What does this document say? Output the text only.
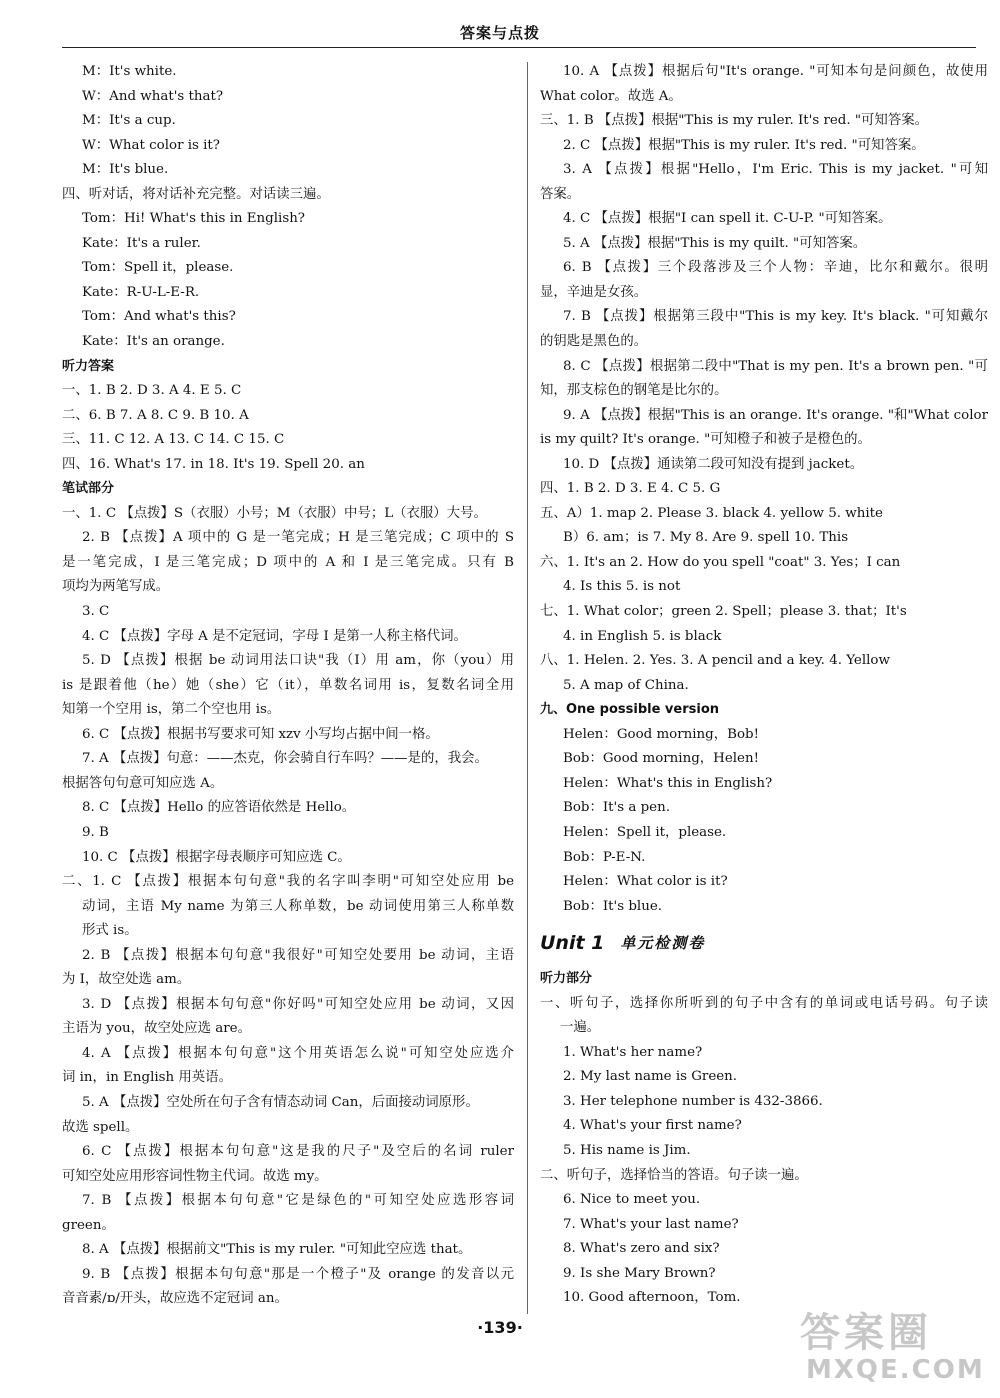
答案与点拨
M：It's white.
W：And what's that?
M：It's a cup.
W：What color is it?
M：It's blue.
四、听对话，将对话补充完整。对话读三遍。
Tom：Hi! What's this in English?
Kate：It's a ruler.
Tom：Spell it，please.
Kate：R-U-L-E-R.
Tom：And what's this?
Kate：It's an orange.
听力答案
一、1. B 2. D 3. A 4. E 5. C
二、6. B 7. A 8. C 9. B 10. A
三、11. C 12. A 13. C 14. C 15. C
四、16. What's 17. in 18. It's 19. Spell 20. an
笔试部分
一、1. C 【点拨】S（衣服）小号；M（衣服）中号；L（衣服）大号。
2. B 【点拨】A 项中的 G 是一笔完成；H 是三笔完成；C 项中的 S
是一笔完成，I 是三笔完成；D 项中的 A 和 I 是三笔完成。只有 B
项均为两笔写成。
3. C
4. C 【点拨】字母 A 是不定冠词，字母 I 是第一人称主格代词。
5. D 【点拨】根据 be 动词用法口诀"我（I）用 am，你（you）用
is 是跟着他（he）她（she）它（it），单数名词用 is，复数名词全用
知第一个空用 is，第二个空也用 is。
6. C 【点拨】根据书写要求可知 xzv 小写均占据中间一格。
7. A 【点拨】句意：——杰克，你会骑自行车吗？——是的，我会。
根据答句句意可知应选 A。
8. C 【点拨】Hello 的应答语依然是 Hello。
9. B
10. C 【点拨】根据字母表顺序可知应选 C。
二、1. C 【点拨】根据本句句意"我的名字叫李明"可知空处应用 be
动词，主语 My name 为第三人称单数，be 动词使用第三人称单数
形式 is。
2. B 【点拨】根据本句句意"我很好"可知空处要用 be 动词，主语
为 I，故空处选 am。
3. D 【点拨】根据本句句意"你好吗"可知空处应用 be 动词，又因
主语为 you，故空处应选 are。
4. A 【点拨】根据本句句意"这个用英语怎么说"可知空处应选介
词 in，in English 用英语。
5. A 【点拨】空处所在句子含有情态动词 Can，后面接动词原形。
故选 spell。
6. C 【点拨】根据本句句意"这是我的尺子"及空后的名词 ruler
可知空处应用形容词性物主代词。故选 my。
7. B 【点拨】根据本句句意"它是绿色的"可知空处应选形容词
green。
8. A 【点拨】根据前文"This is my ruler. "可知此空应选 that。
9. B 【点拨】根据本句句意"那是一个橙子"及 orange 的发音以元
音音素/ɒ/开头，故应选不定冠词 an。
10. A 【点拨】根据后句"It's orange. "可知本句是问颜色，故使用
What color。故选 A。
三、1. B 【点拨】根据"This is my ruler. It's red. "可知答案。
2. C 【点拨】根据"This is my ruler. It's red. "可知答案。
3. A 【点拨】根据"Hello，I'm Eric. This is my jacket. "可知
答案。
4. C 【点拨】根据"I can spell it. C-U-P. "可知答案。
5. A 【点拨】根据"This is my quilt. "可知答案。
6. B 【点拨】三个段落涉及三个人物：辛迪，比尔和戴尔。很明
显，辛迪是女孩。
7. B 【点拨】根据第三段中"This is my key. It's black. "可知戴尔
的钥匙是黑色的。
8. C 【点拨】根据第二段中"That is my pen. It's a brown pen. "可
知，那支棕色的钢笔是比尔的。
9. A 【点拨】根据"This is an orange. It's orange. "和"What color
is my quilt? It's orange. "可知橙子和被子是橙色的。
10. D 【点拨】通读第二段可知没有提到 jacket。
四、1. B 2. D 3. E 4. C 5. G
五、A）1. map 2. Please 3. black 4. yellow 5. white
B）6. am；is 7. My 8. Are 9. spell 10. This
六、1. It's an 2. How do you spell "coat" 3. Yes；I can
4. Is this 5. is not
七、1. What color；green 2. Spell；please 3. that；It's
4. in English 5. is black
八、1. Helen. 2. Yes. 3. A pencil and a key. 4. Yellow
5. A map of China.
九、One possible version
Helen：Good morning，Bob!
Bob：Good morning，Helen!
Helen：What's this in English?
Bob：It's a pen.
Helen：Spell it，please.
Bob：P-E-N.
Helen：What color is it?
Bob：It's blue.
Unit 1 单元检测卷
听力部分
一、听句子，选择你所听到的句子中含有的单词或电话号码。句子读
一遍。
1. What's her name?
2. My last name is Green.
3. Her telephone number is 432-3866.
4. What's your first name?
5. His name is Jim.
二、听句子，选择恰当的答语。句子读一遍。
6. Nice to meet you.
7. What's your last name?
8. What's zero and six?
9. Is she Mary Brown?
10. Good afternoon，Tom.
·139·	答案圈
MXQE.COM
